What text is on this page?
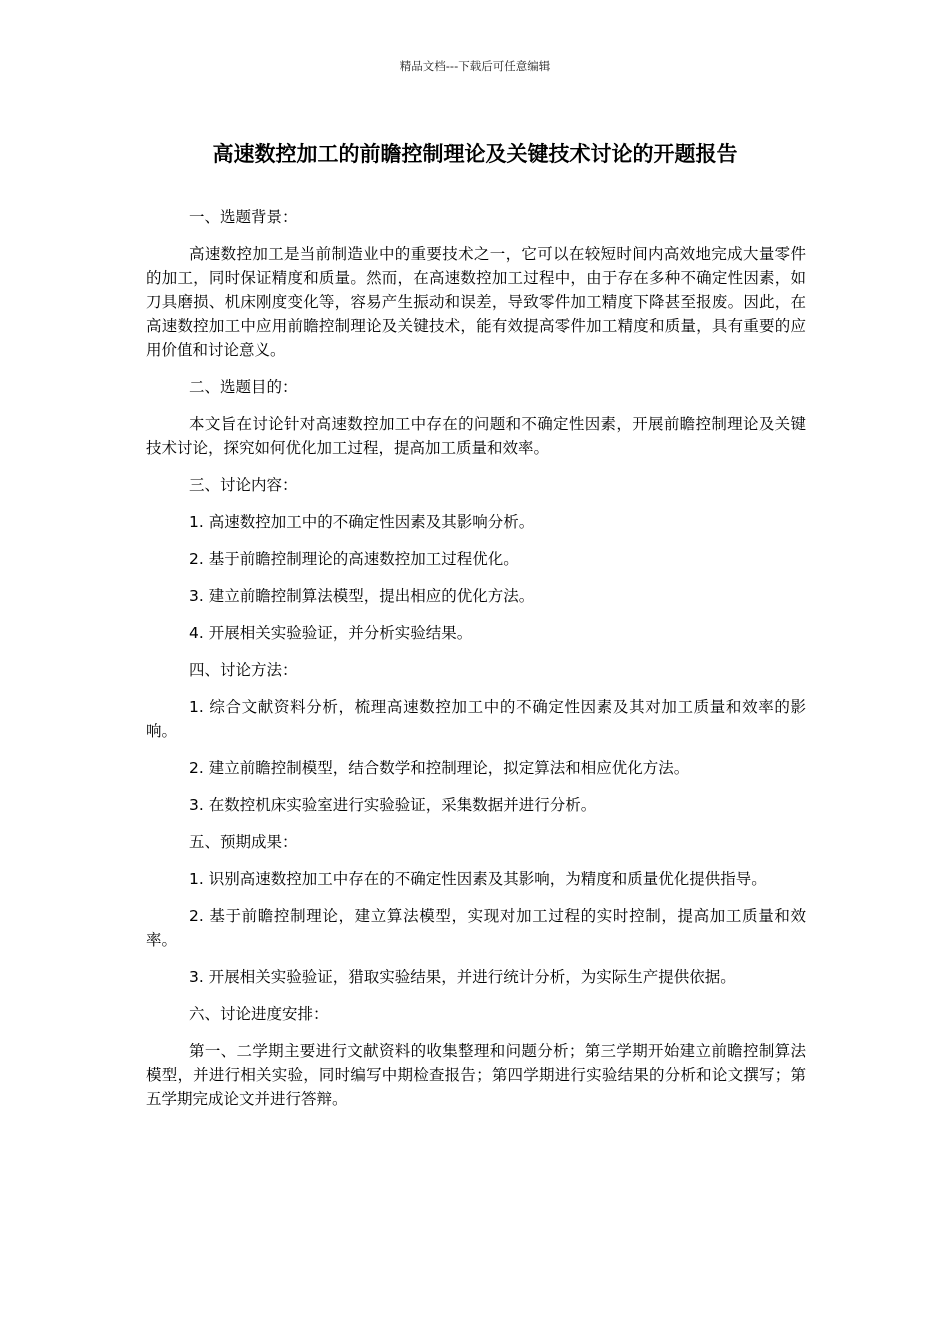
精品文档---下载后可任意编辑
高速数控加工的前瞻控制理论及关键技术讨论的开题报告

一、选题背景：

高速数控加工是当前制造业中的重要技术之一，它可以在较短时间内高效地完成大量零件的加工，同时保证精度和质量。然而，在高速数控加工过程中，由于存在多种不确定性因素，如刀具磨损、机床刚度变化等，容易产生振动和误差，导致零件加工精度下降甚至报废。因此，在高速数控加工中应用前瞻控制理论及关键技术，能有效提高零件加工精度和质量，具有重要的应用价值和讨论意义。

二、选题目的：

本文旨在讨论针对高速数控加工中存在的问题和不确定性因素，开展前瞻控制理论及关键技术讨论，探究如何优化加工过程，提高加工质量和效率。

三、讨论内容：

1. 高速数控加工中的不确定性因素及其影响分析。

2. 基于前瞻控制理论的高速数控加工过程优化。

3. 建立前瞻控制算法模型，提出相应的优化方法。

4. 开展相关实验验证，并分析实验结果。

四、讨论方法：

1. 综合文献资料分析，梳理高速数控加工中的不确定性因素及其对加工质量和效率的影响。

2. 建立前瞻控制模型，结合数学和控制理论，拟定算法和相应优化方法。

3. 在数控机床实验室进行实验验证，采集数据并进行分析。

五、预期成果：

1. 识别高速数控加工中存在的不确定性因素及其影响，为精度和质量优化提供指导。

2. 基于前瞻控制理论，建立算法模型，实现对加工过程的实时控制，提高加工质量和效率。

3. 开展相关实验验证，猎取实验结果，并进行统计分析，为实际生产提供依据。

六、讨论进度安排：

第一、二学期主要进行文献资料的收集整理和问题分析；第三学期开始建立前瞻控制算法模型，并进行相关实验，同时编写中期检查报告；第四学期进行实验结果的分析和论文撰写；第五学期完成论文并进行答辩。
